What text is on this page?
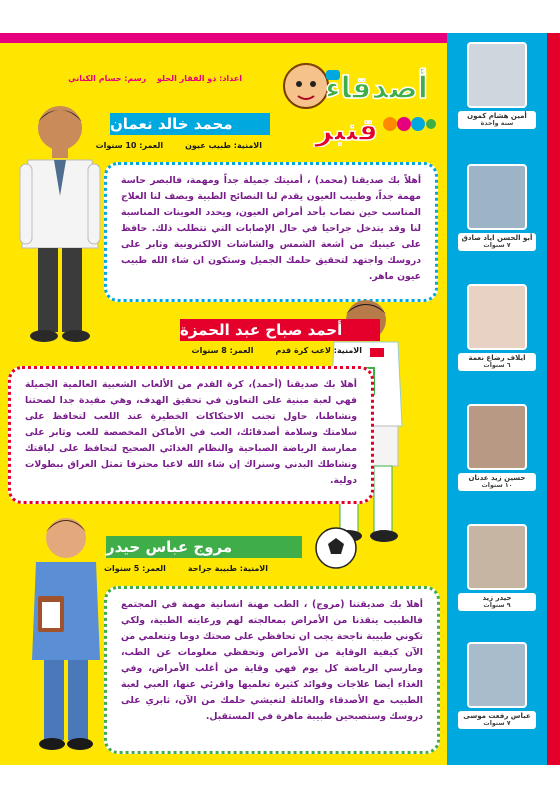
اعداد: ذو الفقار الحلو رسم: حسام الكناني	أصدقاء
قنبر
محمد خالد نعمان
الامنية: طبيب عيون
العمر: 10 سنوات
أهلاً بك صديقنا (محمد) ، أمنيتك جميلة جداً ومهمة، فالبصر حاسة مهمة جداً، وطبيب العيون يقدم لنا النصائح الطبية ويصف لنا العلاج المناسب حين نصاب بأحد أمراض العيون، ويحدد العوينات المناسبة لنا وقد يتدخل جراحيا في حال الإصابات التي تتطلب ذلك. حافظ على عينيك من أشعة الشمس والشاشات الالكترونية وثابر على دروسك واجتهد لتحقيق حلمك الجميل وستكون ان شاء الله طبيب عيون ماهر.
أحمد صباح عبد الحمزة
الامنية: لاعب كرة قدم
العمر: 8 سنوات
أهلا بك صديقنا (أحمد)، كرة القدم من الألعاب الشعبية العالمية الجميلة فهي لعبة مبنية على التعاون في تحقيق الهدف، وهي مفيدة جدا لصحتنا ونشاطنا، حاول تجنب الاحتكاكات الخطيرة عند اللعب لتحافظ على سلامتك وسلامة أصدقائك، العب في الأماكن المخصصة للعب وثابر على ممارسة الرياضة الصباحية والنظام الغذائي الصحيح لتحافظ على لياقتك ونشاطك البدني وسنراك إن شاء الله لاعبا محترفا تمثل العراق ببطولات دولية.
مروج عباس حيدر
الامنية: طبيبة جراحة
العمر: 5 سنوات
أهلا بك صديقتنا (مروج) ، الطب مهنة انسانية مهمة في المجتمع فالطبيب ينقذنا من الأمراض بمعالجته لهم ورعايته الطبية، ولكي تكوني طبيبة ناجحة يجب ان تحافظي على صحتك دوما وتتعلمي من الآن كيفية الوقاية من الأمراض وتحفظي معلومات عن الطب، ومارسي الرياضة كل يوم فهي وقاية من أغلب الأمراض، وفي الغذاء أيضا علاجات وفوائد كثيرة تعلميها واقرئي عنها، العبي لعبة الطبيب مع الأصدقاء والعائلة لتعيشي حلمك من الآن، ثابري على دروسك وستصبحين طبيبة ماهرة في المستقبل.
أمين هشام كمون
سنة واحدة
أبو الحسن اياد صادق
٧ سنوات
ايلاف رضاع نعمة
٦ سنوات
حسين زيد عدنان
١٠ سنوات
حيدر زيد
٩ سنوات
عباس رفعت موسى
٧ سنوات
